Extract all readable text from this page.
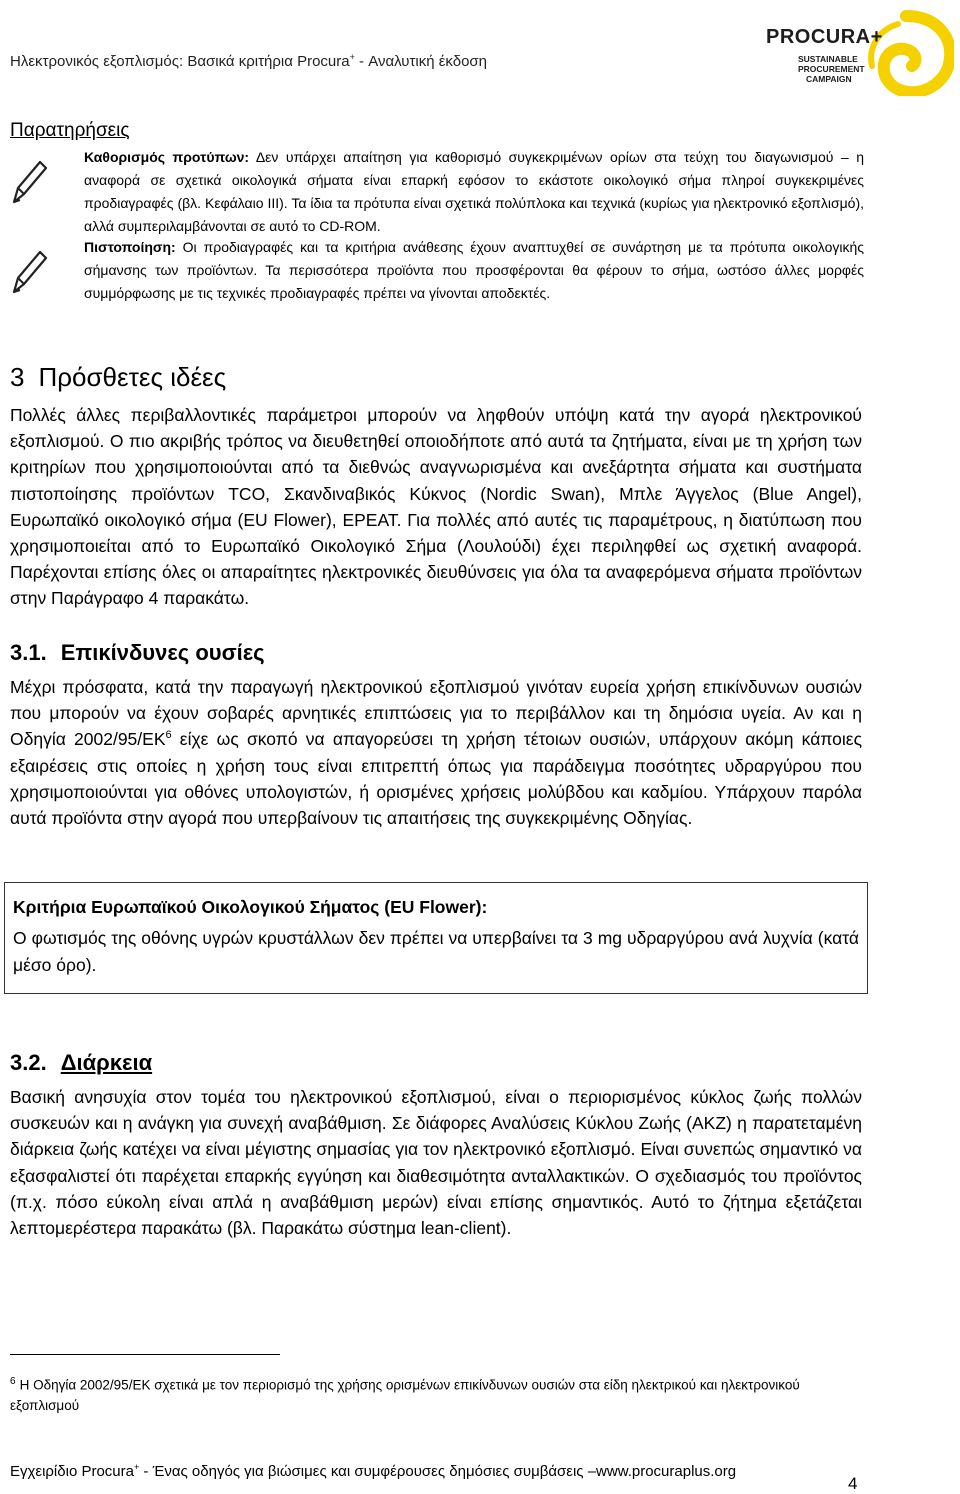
Ηλεκτρονικός εξοπλισμός: Βασικά κριτήρια Procura+ - Αναλυτική έκδοση
PROCURA+
SUSTAINABLE
PROCUREMENT
CAMPAIGN
Παρατηρήσεις
Καθορισμός προτύπων: Δεν υπάρχει απαίτηση για καθορισμό συγκεκριμένων ορίων στα τεύχη του διαγωνισμού – η αναφορά σε σχετικά οικολογικά σήματα είναι επαρκή εφόσον το εκάστοτε οικολογικό σήμα πληροί συγκεκριμένες προδιαγραφές (βλ. Κεφάλαιο III). Τα ίδια τα πρότυπα είναι σχετικά πολύπλοκα και τεχνικά (κυρίως για ηλεκτρονικό εξοπλισμό), αλλά συμπεριλαμβάνονται σε αυτό το CD-ROM.
Πιστοποίηση: Οι προδιαγραφές και τα κριτήρια ανάθεσης έχουν αναπτυχθεί σε συνάρτηση με τα πρότυπα οικολογικής σήμανσης των προϊόντων. Τα περισσότερα προϊόντα που προσφέρονται θα φέρουν το σήμα, ωστόσο άλλες μορφές συμμόρφωσης με τις τεχνικές προδιαγραφές πρέπει να γίνονται αποδεκτές.
3 Πρόσθετες ιδέες
Πολλές άλλες περιβαλλοντικές παράμετροι μπορούν να ληφθούν υπόψη κατά την αγορά ηλεκτρονικού εξοπλισμού. Ο πιο ακριβής τρόπος να διευθετηθεί οποιοδήποτε από αυτά τα ζητήματα, είναι με τη χρήση των κριτηρίων που χρησιμοποιούνται από τα διεθνώς αναγνωρισμένα και ανεξάρτητα σήματα και συστήματα πιστοποίησης προϊόντων TCO, Σκανδιναβικός Κύκνος (Nordic Swan), Μπλε Άγγελος (Blue Angel), Ευρωπαϊκό οικολογικό σήμα (EU Flower), EPEAT. Για πολλές από αυτές τις παραμέτρους, η διατύπωση που χρησιμοποιείται από το Ευρωπαϊκό Οικολογικό Σήμα (Λουλούδι) έχει περιληφθεί ως σχετική αναφορά. Παρέχονται επίσης όλες οι απαραίτητες ηλεκτρονικές διευθύνσεις για όλα τα αναφερόμενα σήματα προϊόντων στην Παράγραφο 4 παρακάτω.
3.1. Επικίνδυνες ουσίες
Μέχρι πρόσφατα, κατά την παραγωγή ηλεκτρονικού εξοπλισμού γινόταν ευρεία χρήση επικίνδυνων ουσιών που μπορούν να έχουν σοβαρές αρνητικές επιπτώσεις για το περιβάλλον και τη δημόσια υγεία. Αν και η Οδηγία $2002/95/EK^6$ είχε ως σκοπό να απαγορεύσει τη χρήση τέτοιων ουσιών, υπάρχουν ακόμη κάποιες εξαιρέσεις στις οποίες η χρήση τους είναι επιτρεπτή όπως για παράδειγμα ποσότητες υδραργύρου που χρησιμοποιούνται για οθόνες υπολογιστών, ή ορισμένες χρήσεις μολύβδου και καδμίου. Υπάρχουν παρόλα αυτά προϊόντα στην αγορά που υπερβαίνουν τις απαιτήσεις της συγκεκριμένης Οδηγίας.
Κριτήρια Ευρωπαϊκού Οικολογικού Σήματος (EU Flower):
Ο φωτισμός της οθόνης υγρών κρυστάλλων δεν πρέπει να υπερβαίνει τα 3 mg υδραργύρου ανά λυχνία (κατά μέσο όρο).
3.2. Διάρκεια
Βασική ανησυχία στον τομέα του ηλεκτρονικού εξοπλισμού, είναι ο περιορισμένος κύκλος ζωής πολλών συσκευών και η ανάγκη για συνεχή αναβάθμιση. Σε διάφορες Αναλύσεις Κύκλου Ζωής (ΑΚΖ) η παρατεταμένη διάρκεια ζωής κατέχει να είναι μέγιστης σημασίας για τον ηλεκτρονικό εξοπλισμό. Είναι συνεπώς σημαντικό να εξασφαλιστεί ότι παρέχεται επαρκής εγγύηση και διαθεσιμότητα ανταλλακτικών. Ο σχεδιασμός του προϊόντος (π.χ. πόσο εύκολη είναι απλά η αναβάθμιση μερών) είναι επίσης σημαντικός. Αυτό το ζήτημα εξετάζεται λεπτομερέστερα παρακάτω (βλ. Παρακάτω σύστημα lean-client).
$^6$ Η Οδηγία 2002/95/ΕΚ σχετικά με τον περιορισμό της χρήσης ορισμένων επικίνδυνων ουσιών στα είδη ηλεκτρικού και ηλεκτρονικού εξοπλισμού
Εγχειρίδιο Procura+ - Ένας οδηγός για βιώσιμες και συμφέρουσες δημόσιες συμβάσεις –www.procuraplus.org
4
